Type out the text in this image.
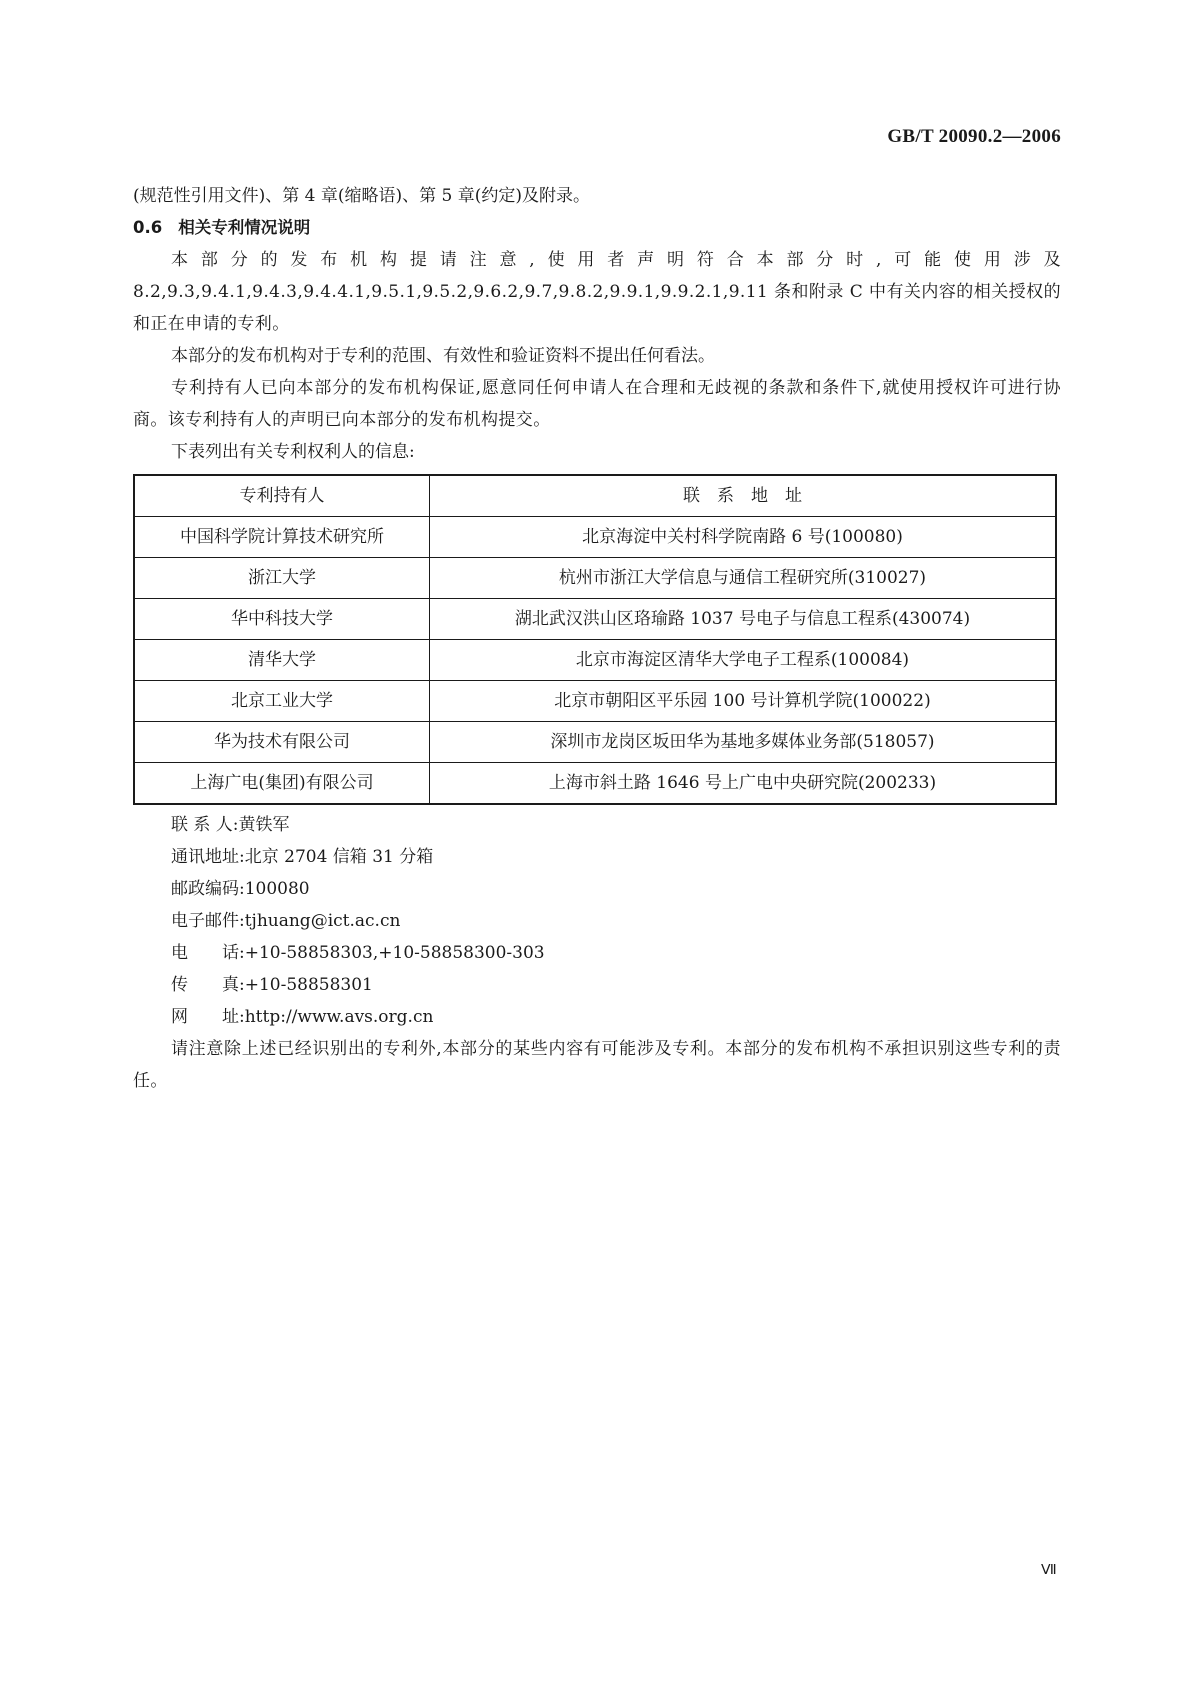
GB/T 20090.2—2006

(规范性引用文件)、第 4 章(缩略语)、第 5 章(约定)及附录。

0.6 相关专利情况说明

本部分的发布机构提请注意,使用者声明符合本部分时,可能使用涉及 8.2,9.3,9.4.1,9.4.3,9.4.4.1,9.5.1,9.5.2,9.6.2,9.7,9.8.2,9.9.1,9.9.2.1,9.11 条和附录 C 中有关内容的相关授权的和正在申请的专利。

本部分的发布机构对于专利的范围、有效性和验证资料不提出任何看法。

专利持有人已向本部分的发布机构保证,愿意同任何申请人在合理和无歧视的条款和条件下,就使用授权许可进行协商。该专利持有人的声明已向本部分的发布机构提交。

下表列出有关专利权利人的信息:

专利持有人	联　系　地　址
中国科学院计算技术研究所	北京海淀中关村科学院南路 6 号(100080)
浙江大学	杭州市浙江大学信息与通信工程研究所(310027)
华中科技大学	湖北武汉洪山区珞瑜路 1037 号电子与信息工程系(430074)
清华大学	北京市海淀区清华大学电子工程系(100084)
北京工业大学	北京市朝阳区平乐园 100 号计算机学院(100022)
华为技术有限公司	深圳市龙岗区坂田华为基地多媒体业务部(518057)
上海广电(集团)有限公司	上海市斜土路 1646 号上广电中央研究院(200233)

联 系 人:黄铁军

通讯地址:北京 2704 信箱 31 分箱

邮政编码:100080

电子邮件:tjhuang@ict.ac.cn

电　　话:+10-58858303,+10-58858300-303

传　　真:+10-58858301

网　　址:http://www.avs.org.cn

请注意除上述已经识别出的专利外,本部分的某些内容有可能涉及专利。本部分的发布机构不承担识别这些专利的责任。

Ⅶ
